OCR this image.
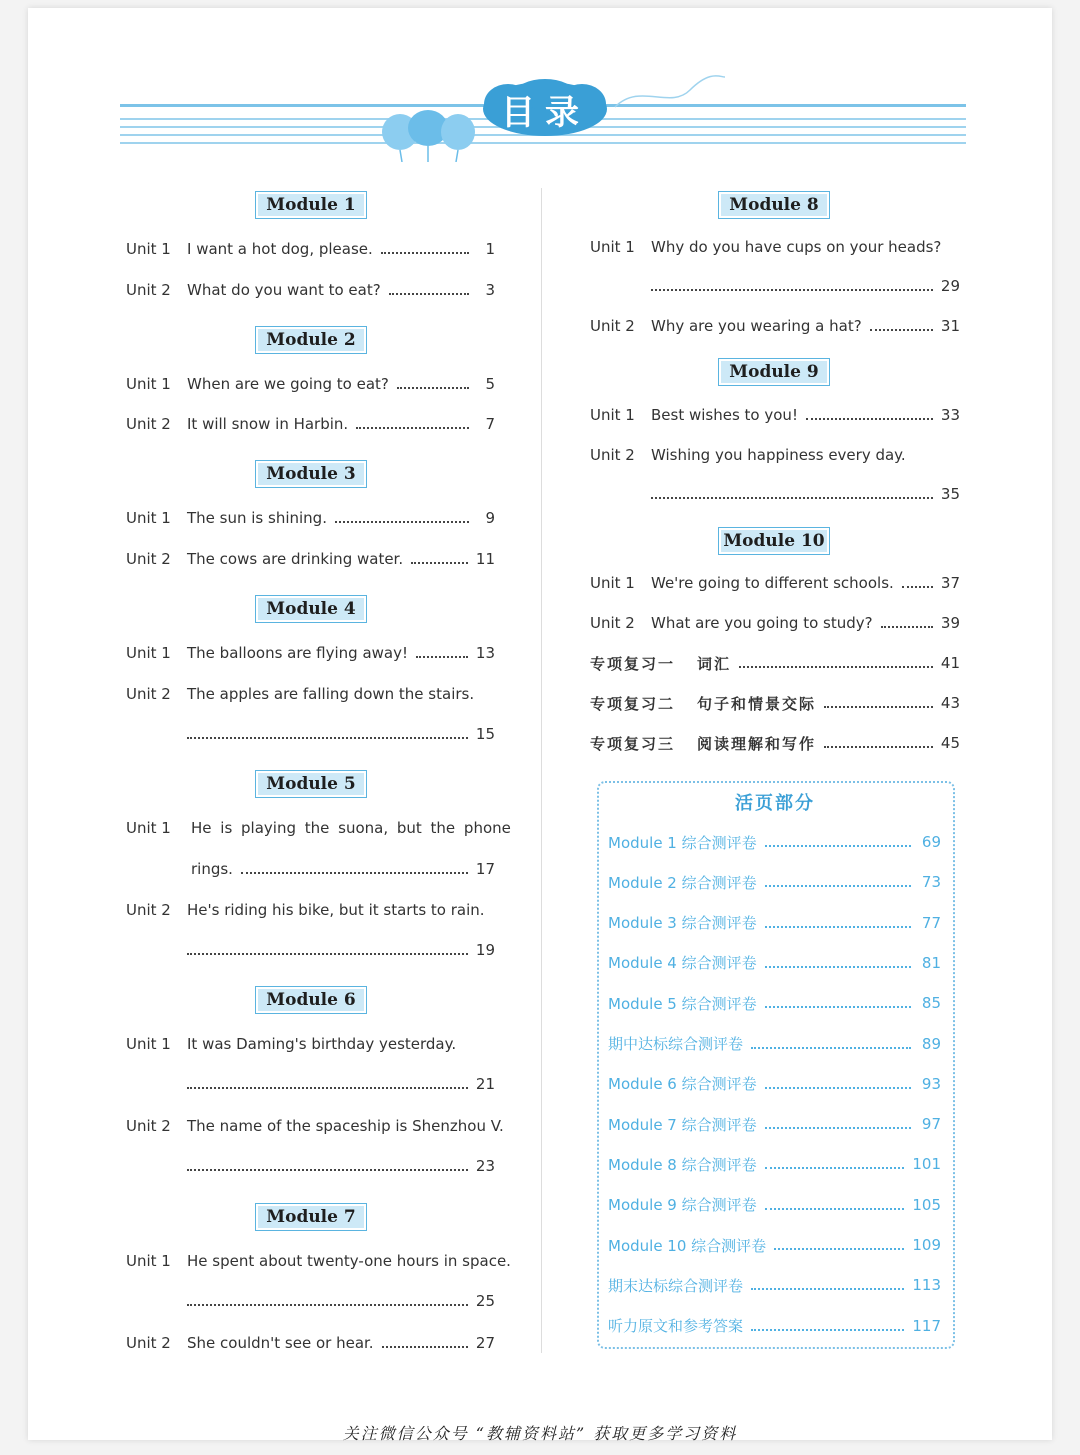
目录
Module 1
Unit 1	I want a hot dog, please.	1
Unit 2	What do you want to eat?	3
Module 2
Unit 1	When are we going to eat?	5
Unit 2	It will snow in Harbin.	7
Module 3
Unit 1	The sun is shining.	9
Unit 2	The cows are drinking water.	11
Module 4
Unit 1	The balloons are flying away!	13
Unit 2	The apples are falling down the stairs.
15
Module 5
Unit 1	He is playing the suona, but the phone
rings.	17
Unit 2	He's riding his bike, but it starts to rain.
19
Module 6
Unit 1	It was Daming's birthday yesterday.
21
Unit 2	The name of the spaceship is Shenzhou V.
23
Module 7
Unit 1	He spent about twenty-one hours in space.
25
Unit 2	She couldn't see or hear.	27
Module 8
Unit 1	Why do you have cups on your heads?
29
Unit 2	Why are you wearing a hat?	31
Module 9
Unit 1	Best wishes to you!	33
Unit 2	Wishing you happiness every day.
35
Module 10
Unit 1	We're going to different schools.	37
Unit 2	What are you going to study?	39
专项复习一	词汇	41
专项复习二	句子和情景交际	43
专项复习三	阅读理解和写作	45
活页部分
Module 1 综合测评卷	69
Module 2 综合测评卷	73
Module 3 综合测评卷	77
Module 4 综合测评卷	81
Module 5 综合测评卷	85
期中达标综合测评卷	89
Module 6 综合测评卷	93
Module 7 综合测评卷	97
Module 8 综合测评卷	101
Module 9 综合测评卷	105
Module 10 综合测评卷	109
期末达标综合测评卷	113
听力原文和参考答案	117
关注微信公众号 “教辅资料站” 获取更多学习资料
